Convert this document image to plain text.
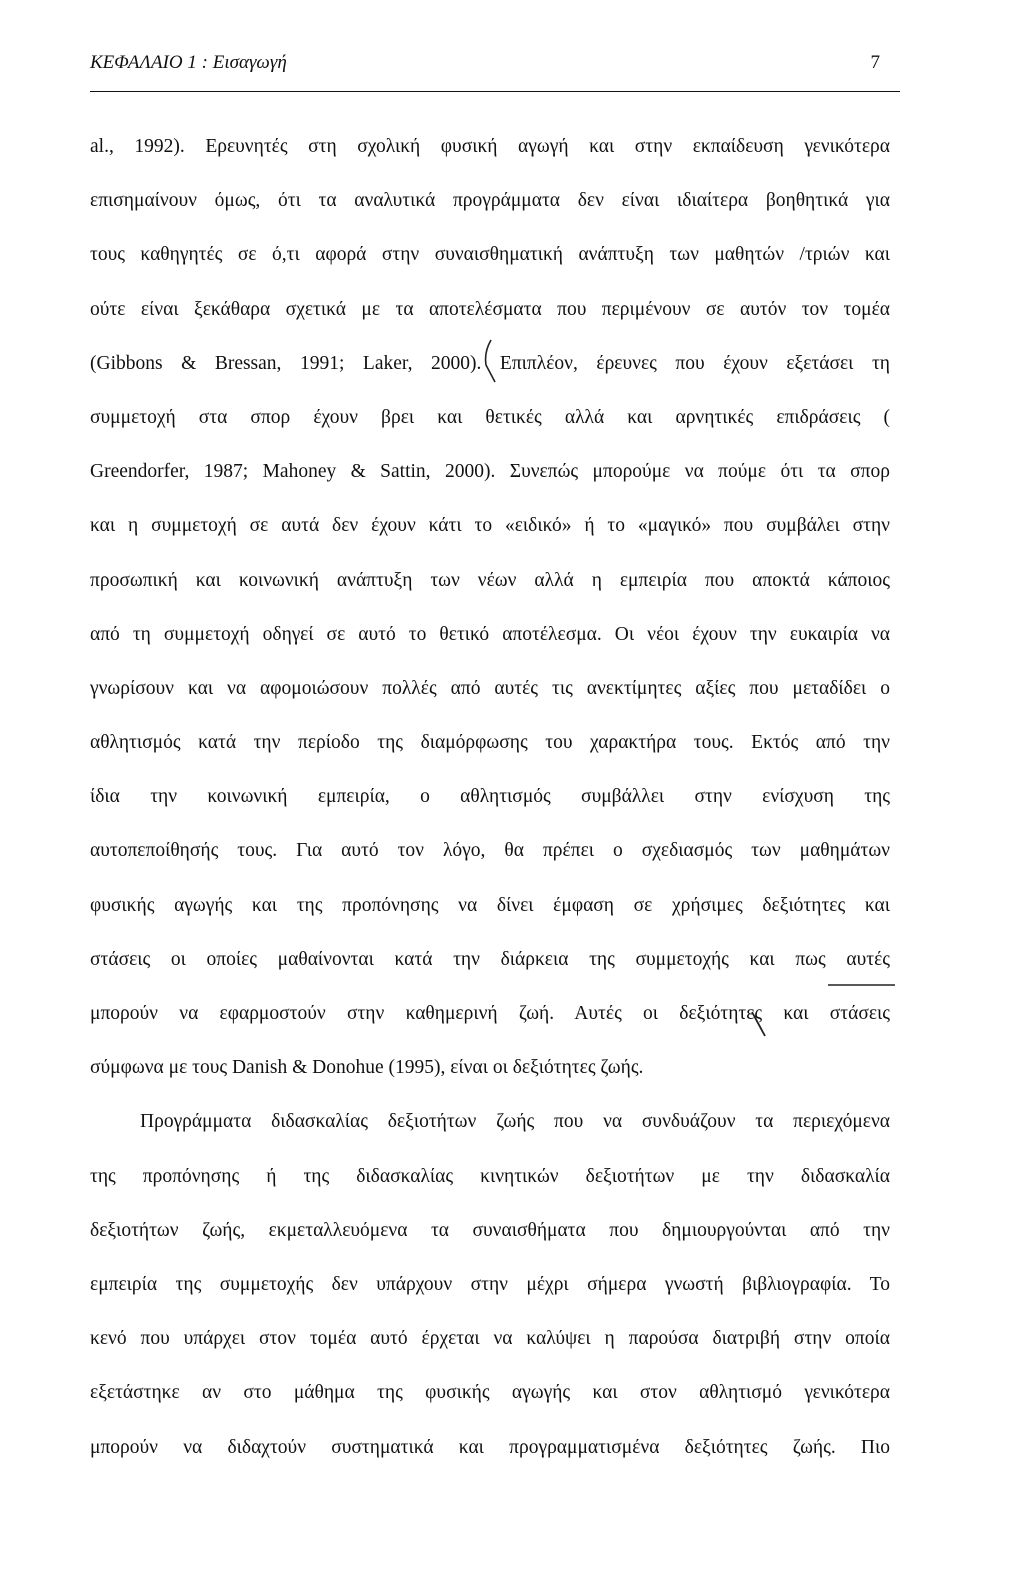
ΚΕΦΑΛΑΙΟ 1 : Εισαγωγή	7
al., 1992). Ερευνητές στη σχολική φυσική αγωγή και στην εκπαίδευση γενικότερα
επισημαίνουν όμως, ότι τα αναλυτικά προγράμματα δεν είναι ιδιαίτερα βοηθητικά για
τους καθηγητές σε ό,τι αφορά στην συναισθηματική ανάπτυξη των μαθητών /τριών και
ούτε είναι ξεκάθαρα σχετικά με τα αποτελέσματα που περιμένουν σε αυτόν τον τομέα
(Gibbons & Bressan, 1991; Laker, 2000). Επιπλέον, έρευνες που έχουν εξετάσει τη
συμμετοχή στα σπορ έχουν βρει και θετικές αλλά και αρνητικές επιδράσεις (
Greendorfer, 1987; Mahoney & Sattin, 2000). Συνεπώς μπορούμε να πούμε ότι τα σπορ
και η συμμετοχή σε αυτά δεν έχουν κάτι το «ειδικό» ή το «μαγικό» που συμβάλει στην
προσωπική και κοινωνική ανάπτυξη των νέων αλλά η εμπειρία που αποκτά κάποιος
από τη συμμετοχή οδηγεί σε αυτό το θετικό αποτέλεσμα. Οι νέοι έχουν την ευκαιρία να
γνωρίσουν και να αφομοιώσουν πολλές από αυτές τις ανεκτίμητες αξίες που μεταδίδει ο
αθλητισμός κατά την περίοδο της διαμόρφωσης του χαρακτήρα τους. Εκτός από την
ίδια την κοινωνική εμπειρία, ο αθλητισμός συμβάλλει στην ενίσχυση της
αυτοπεποίθησής τους. Για αυτό τον λόγο, θα πρέπει ο σχεδιασμός των μαθημάτων
φυσικής αγωγής και της προπόνησης να δίνει έμφαση σε χρήσιμες δεξιότητες και
στάσεις οι οποίες μαθαίνονται κατά την διάρκεια της συμμετοχής και πως αυτές
μπορούν να εφαρμοστούν στην καθημερινή ζωή. Αυτές οι δεξιότητες και στάσεις
σύμφωνα με τους Danish & Donohue (1995), είναι οι δεξιότητες ζωής.
Προγράμματα διδασκαλίας δεξιοτήτων ζωής που να συνδυάζουν τα περιεχόμενα
της προπόνησης ή της διδασκαλίας κινητικών δεξιοτήτων με την διδασκαλία
δεξιοτήτων ζωής, εκμεταλλευόμενα τα συναισθήματα που δημιουργούνται από την
εμπειρία της συμμετοχής δεν υπάρχουν στην μέχρι σήμερα γνωστή βιβλιογραφία. Το
κενό που υπάρχει στον τομέα αυτό έρχεται να καλύψει η παρούσα διατριβή στην οποία
εξετάστηκε αν στο μάθημα της φυσικής αγωγής και στον αθλητισμό γενικότερα
μπορούν να διδαχτούν συστηματικά και προγραμματισμένα δεξιότητες ζωής. Πιο
